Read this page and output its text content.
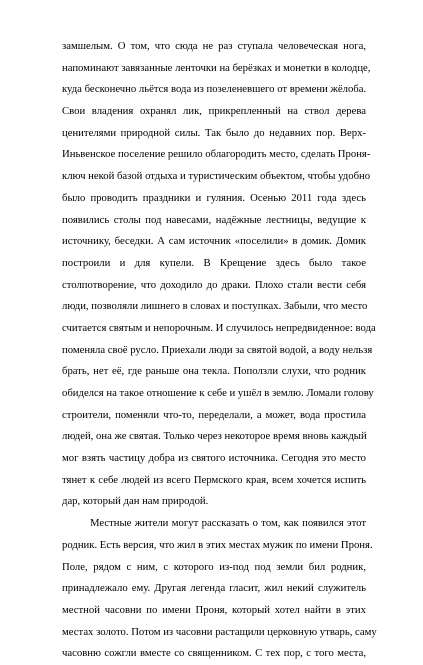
замшелым. О том, что сюда не раз ступала человеческая нога,
напоминают завязанные ленточки на берёзках и монетки в колодце,
куда бесконечно льётся вода из позеленевшего от времени жёлоба.
Свои владения охранял лик, прикрепленный на ствол дерева
ценителями природной силы. Так было до недавних пор. Верх-
Иньвенское поселение решило облагородить место, сделать Проня-
ключ некой базой отдыха и туристическим объектом, чтобы удобно
было проводить праздники и гуляния. Осенью 2011 года здесь
появились столы под навесами, надёжные лестницы, ведущие к
источнику, беседки. А сам источник «поселили» в домик. Домик
построили и для купели. В Крещение здесь было такое
столпотворение, что доходило до драки. Плохо стали вести себя
люди, позволяли лишнего в словах и поступках. Забыли, что место
считается святым и непорочным. И случилось непредвиденное: вода
поменяла своё русло. Приехали люди за святой водой, а воду нельзя
брать, нет её, где раньше она текла. Поползли слухи, что родник
обиделся на такое отношение к себе и ушёл в землю. Ломали голову
строители, поменяли что-то, переделали, а может, вода простила
людей, она же святая. Только через некоторое время вновь каждый
мог взять частицу добра из святого источника. Сегодня это место
тянет к себе людей из всего Пермского края, всем хочется испить
дар, который дан нам природой.
Местные жители могут рассказать о том, как появился этот
родник. Есть версия, что жил в этих местах мужик по имени Проня.
Поле, рядом с ним, с которого из-под под земли бил родник,
принадлежало ему. Другая легенда гласит, жил некий служитель
местной часовни по имени Проня, который хотел найти в этих
местах золото. Потом из часовни растащили церковную утварь, саму
часовню сожгли вместе со священником. С тех пор, с того места,
